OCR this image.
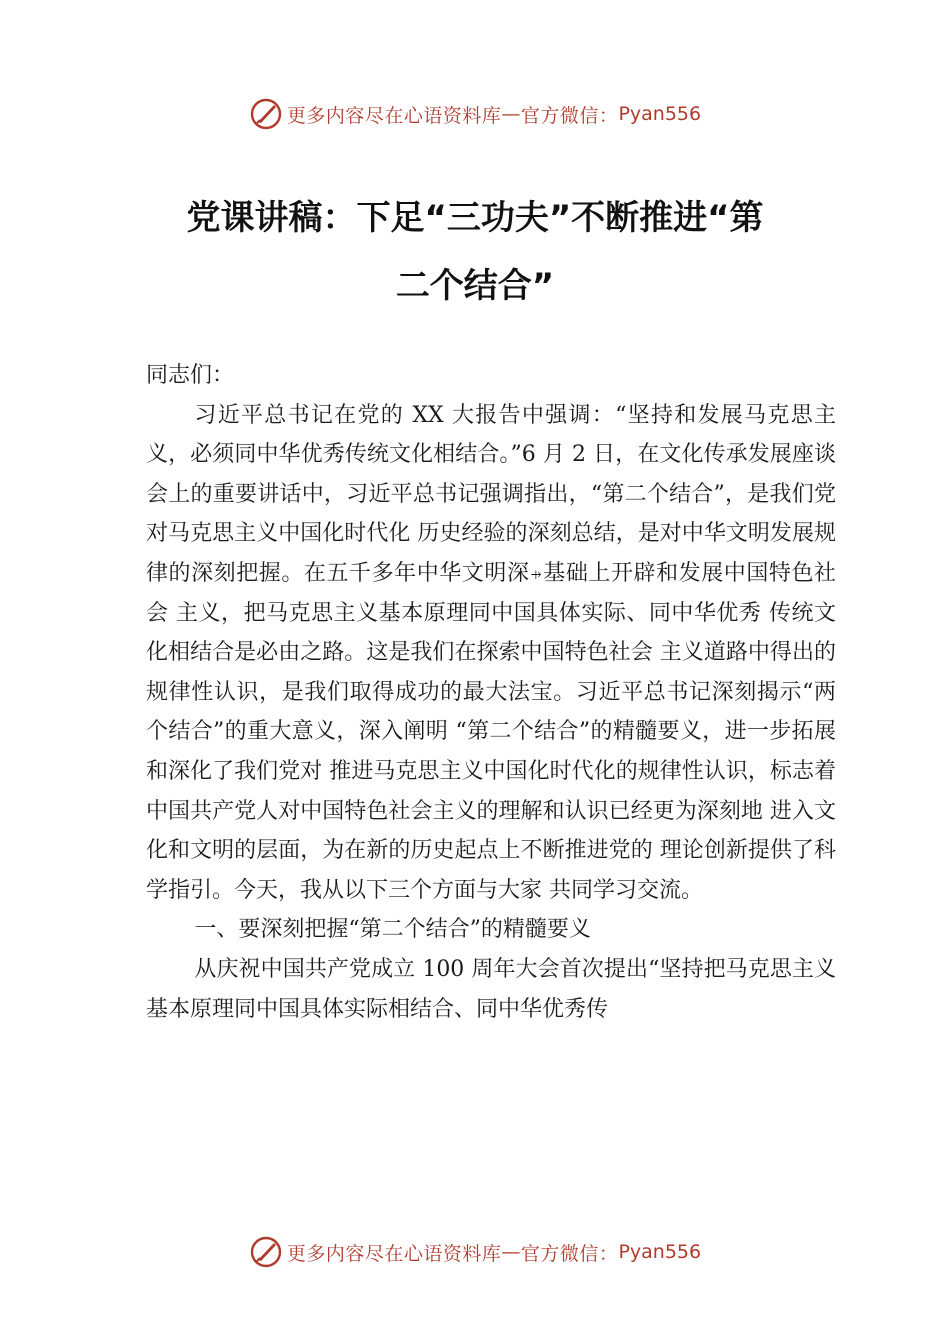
更多内容尽在心语资料库 — 官方微信： Pyan556
党课讲稿：下足“三功夫”不断推进“第
二个结合”

同志们：

习近平总书记在党的 XX 大报告中强调：“坚持和发展马克思主义，必须同中华优秀传统文化相结合。”6 月 2 日，在文化传承发展座谈会上的重要讲话中，习近平总书记强调指出，“第二个结合”，是我们党对马克思主义中国化时代化 历史经验的深刻总结，是对中华文明发展规律的深刻把握。在五千多年中华文明深⍆基础上开辟和发展中国特色社会 主义，把马克思主义基本原理同中国具体实际、同中华优秀 传统文化相结合是必由之路。这是我们在探索中国特色社会 主义道路中得出的规律性认识，是我们取得成功的最大法宝。习近平总书记深刻揭示“两个结合”的重大意义，深入阐明 “第二个结合”的精髓要义，进一步拓展和深化了我们党对 推进马克思主义中国化时代化的规律性认识，标志着中国共产党人对中国特色社会主义的理解和认识已经更为深刻地 进入文化和文明的层面，为在新的历史起点上不断推进党的 理论创新提供了科学指引。今天，我从以下三个方面与大家 共同学习交流。

一、要深刻把握“第二个结合”的精髓要义

从庆祝中国共产党成立 100 周年大会首次提出“坚持把马克思主义基本原理同中国具体实际相结合、同中华优秀传

更多内容尽在心语资料库 — 官方微信： Pyan556
